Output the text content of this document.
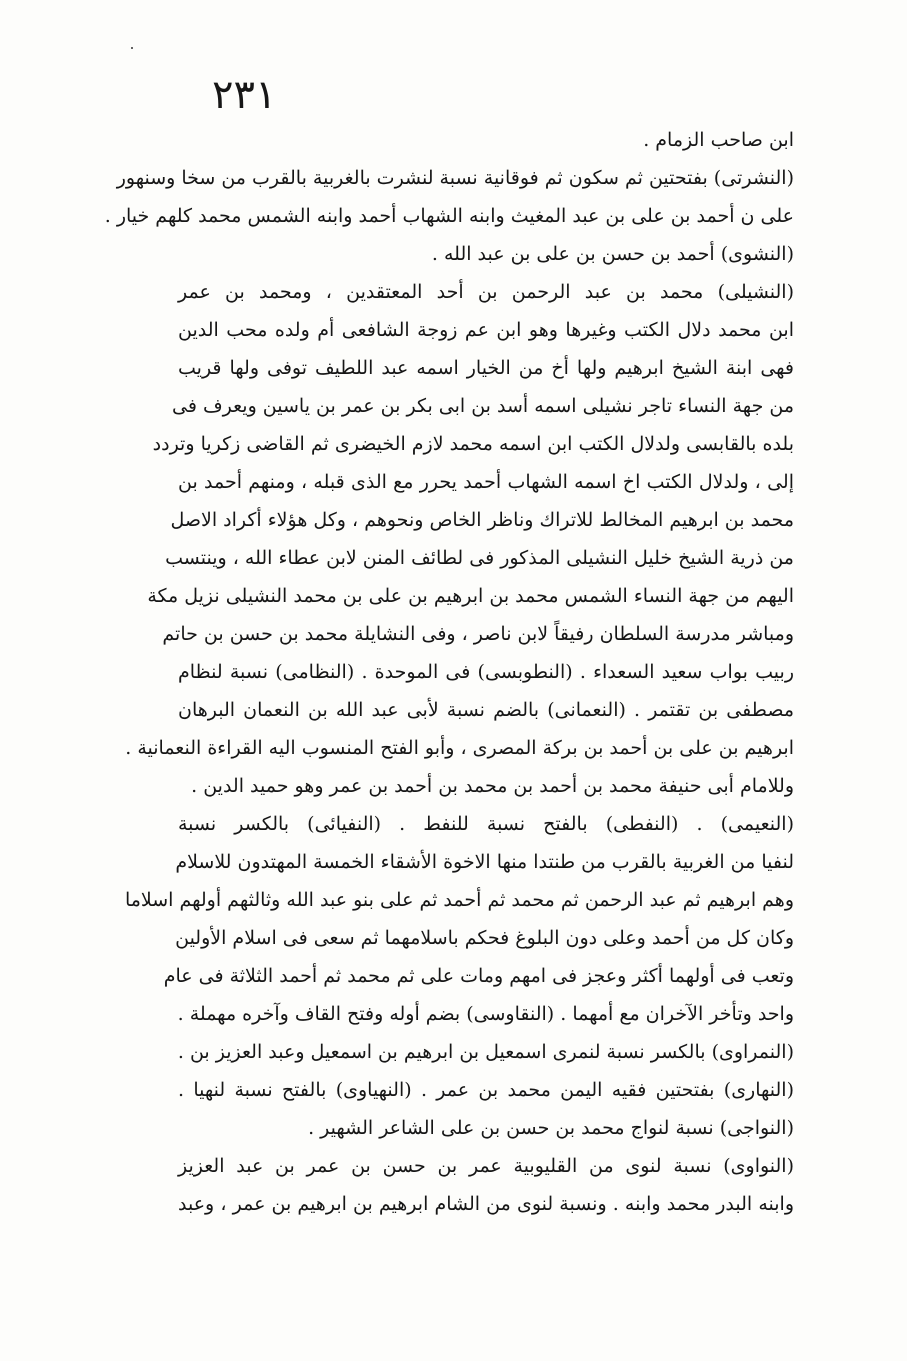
٢٣١
ابن صاحب الزمام .
(النشرتى) بفتحتين ثم سكون ثم فوقانية نسبة لنشرت بالغربية بالقرب من سخا وسنهور
على ن أحمد بن على بن عبد المغيث وابنه الشهاب أحمد وابنه الشمس محمد كلهم خيار .
(النشوى) أحمد بن حسن بن على بن عبد الله .
(النشيلى) محمد بن عبد الرحمن بن أحد المعتقدين ، ومحمد بن عمر
ابن محمد دلال الكتب وغيرها وهو ابن عم زوجة الشافعى أم ولده محب الدين
فهى ابنة الشيخ ابرهيم ولها أخ من الخيار اسمه عبد اللطيف توفى ولها قريب
من جهة النساء تاجر نشيلى اسمه أسد بن ابى بكر بن عمر بن ياسين ويعرف فى
بلده بالقابسى ولدلال الكتب ابن اسمه محمد لازم الخيضرى ثم القاضى زكريا وتردد
إلى ، ولدلال الكتب اخ اسمه الشهاب أحمد يحرر مع الذى قبله ، ومنهم أحمد بن
محمد بن ابرهيم المخالط للاتراك وناظر الخاص ونحوهم ، وكل هؤلاء أكراد الاصل
من ذرية الشيخ خليل النشيلى المذكور فى لطائف المنن لابن عطاء الله ، وينتسب
اليهم من جهة النساء الشمس محمد بن ابرهيم بن على بن محمد النشيلى نزيل مكة
ومباشر مدرسة السلطان رفيقاً لابن ناصر ، وفى النشايلة محمد بن حسن بن حاتم
ربيب بواب سعيد السعداء . (النطوبسى) فى الموحدة . (النظامى) نسبة لنظام
مصطفى بن تقتمر . (النعمانى) بالضم نسبة لأبى عبد الله بن النعمان البرهان
ابرهيم بن على بن أحمد بن بركة المصرى ، وأبو الفتح المنسوب اليه القراءة النعمانية .
وللامام أبى حنيفة محمد بن أحمد بن محمد بن أحمد بن عمر وهو حميد الدين .
(النعيمى) . (النفطى) بالفتح نسبة للنفط . (النفيائى) بالكسر نسبة
لنفيا من الغربية بالقرب من طنتدا منها الاخوة الأشقاء الخمسة المهتدون للاسلام
وهم ابرهيم ثم عبد الرحمن ثم محمد ثم أحمد ثم على بنو عبد الله وثالثهم أولهم اسلاما
وكان كل من أحمد وعلى دون البلوغ فحكم باسلامهما ثم سعى فى اسلام الأولين
وتعب فى أولهما أكثر وعجز فى امهم ومات على ثم محمد ثم أحمد الثلاثة فى عام
واحد وتأخر الآخران مع أمهما . (النقاوسى) بضم أوله وفتح القاف وآخره مهملة .
(النمراوى) بالكسر نسبة لنمرى اسمعيل بن ابرهيم بن اسمعيل وعبد العزيز بن .
(النهارى) بفتحتين فقيه اليمن محمد بن عمر . (النهياوى) بالفتح نسبة لنهيا .
(النواجى) نسبة لنواج محمد بن حسن بن على الشاعر الشهير .
(النواوى) نسبة لنوى من القليوبية عمر بن حسن بن عمر بن عبد العزيز
وابنه البدر محمد وابنه . ونسبة لنوى من الشام ابرهيم بن ابرهيم بن عمر ، وعبد
